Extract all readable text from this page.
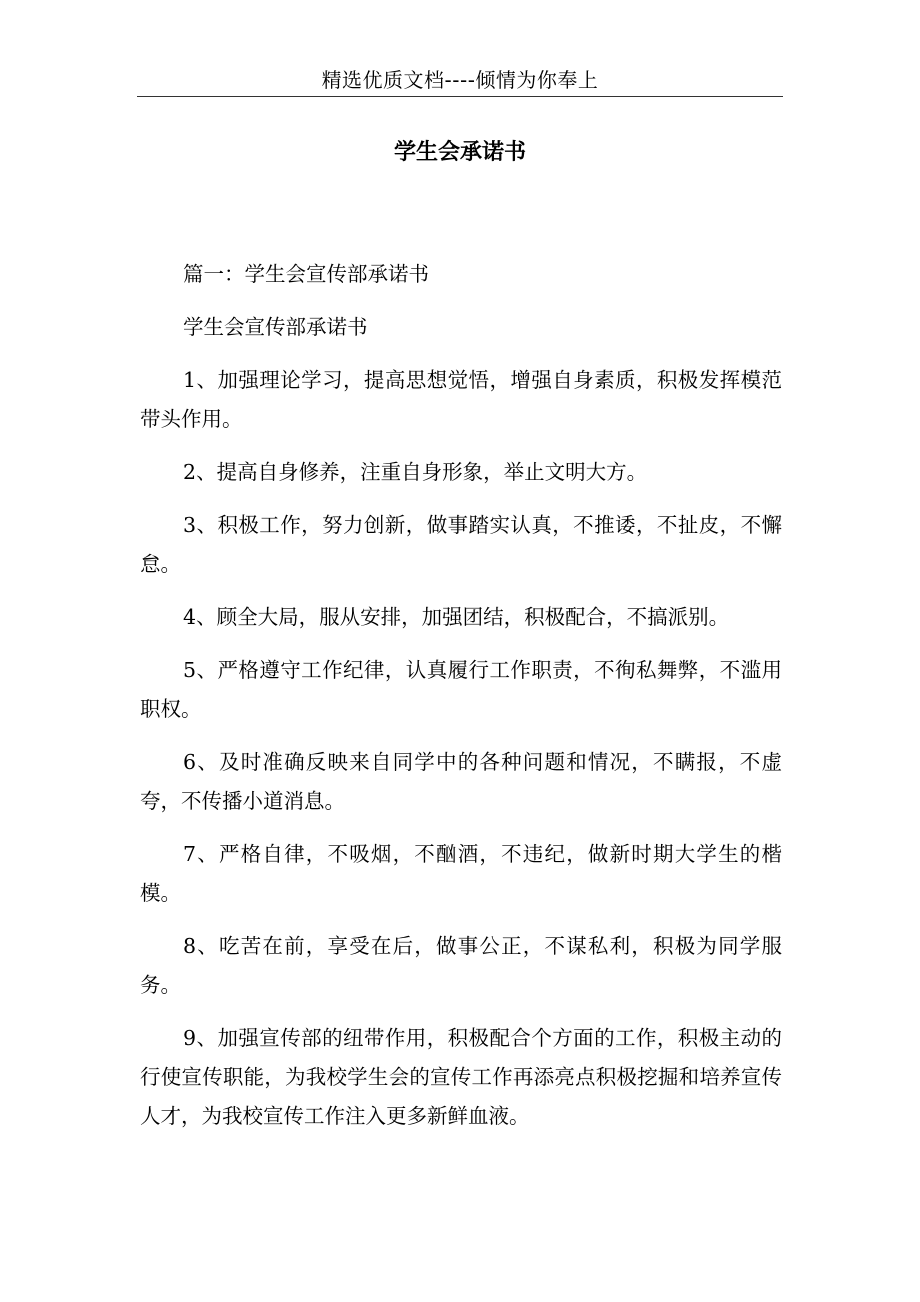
精选优质文档----倾情为你奉上
学生会承诺书

篇一：学生会宣传部承诺书

学生会宣传部承诺书

1、加强理论学习，提高思想觉悟，增强自身素质，积极发挥模范带头作用。

2、提高自身修养，注重自身形象，举止文明大方。

3、积极工作，努力创新，做事踏实认真，不推诿，不扯皮，不懈怠。

4、顾全大局，服从安排，加强团结，积极配合，不搞派别。

5、严格遵守工作纪律，认真履行工作职责，不徇私舞弊，不滥用职权。

6、及时准确反映来自同学中的各种问题和情况，不瞒报，不虚夸，不传播小道消息。

7、严格自律，不吸烟，不酗酒，不违纪，做新时期大学生的楷模。

8、吃苦在前，享受在后，做事公正，不谋私利，积极为同学服务。

9、加强宣传部的纽带作用，积极配合个方面的工作，积极主动的行使宣传职能，为我校学生会的宣传工作再添亮点积极挖掘和培养宣传人才，为我校宣传工作注入更多新鲜血液。
